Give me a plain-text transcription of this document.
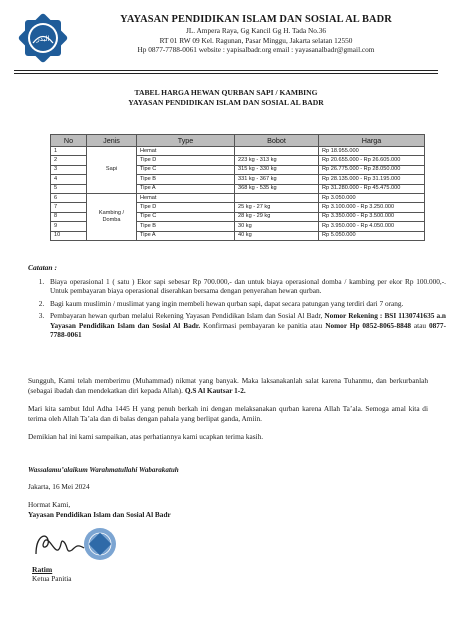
البدر
YAYASAN PENDIDIKAN ISLAM DAN SOSIAL AL BADR
JL. Ampera Raya, Gg Kancil Gg H. Tada No.36
RT 01 RW 09 Kel. Ragunan, Pasar Minggu, Jakarta selatan 12550
Hp 0877-7788-0061 website : yapisalbadr.org email : yayasanalbadr@gmail.com
TABEL HARGA HEWAN QURBAN SAPI / KAMBING
YAYASAN PENDIDIKAN ISLAM DAN SOSIAL AL BADR
No	Jenis	Type	Bobot	Harga
1	Sapi	Hemat		Rp 18.955.000
2		Tipe D	223 kg - 313 kg	Rp 20.655.000 - Rp 26.605.000
3		Tipe C	315 kg - 330 kg	Rp 26.775.000 - Rp 28.050.000
4		Tipe B	331 kg - 367 kg	Rp 28.135.000 - Rp 31.195.000
5		Tipe A	368 kg - 535 kg	Rp 31.280.000 - Rp 45.475.000
6	Kambing / Domba	Hemat		Rp 3.050.000
7		Tipe D	25 kg - 27 kg	Rp 3.100.000 - Rp 3.250.000
8		Tipe C	28 kg - 29 kg	Rp 3.350.000 - Rp 3.500.000
9		Tipe B	30 kg	Rp 3.950.000 - Rp 4.050.000
10		Tipe A	40 kg	Rp 5.050.000
Catatan :
1. Biaya operasional 1 ( satu ) Ekor sapi sebesar Rp 700.000,- dan untuk biaya operasional domba / kambing per ekor Rp 100.000,-. Untuk pembayaran biaya operasional diserahkan bersama dengan penyerahan hewan qurban.
2. Bagi kaum muslimin / muslimat yang ingin membeli hewan qurban sapi, dapat secara patungan yang terdiri dari 7 orang.
3. Pembayaran hewan qurban melalui Rekening Yayasan Pendidikan Islam dan Sosial Al Badr, Nomor Rekening : BSI 1130741635 a.n Yayasan Pendidikan Islam dan Sosial Al Badr. Konfirmasi pembayaran ke panitia atau Nomor Hp 0852-8065-8848 atau 0877-7788-0061
Sungguh, Kami telah memberimu (Muhammad) nikmat yang banyak. Maka laksanakanlah salat karena Tuhanmu, dan berkurbanlah (sebagai ibadah dan mendekatkan diri kepada Allah). Q.S Al Kautsar 1-2.
Mari kita sambut Idul Adha 1445 H yang penuh berkah ini dengan melaksanakan qurban karena Allah Ta’ala. Semoga amal kita di terima oleh Allah Ta’ala dan di balas dengan pahala yang berlipat ganda, Amiin.
Demikian hal ini kami sampaikan, atas perhatiannya kami ucapkan terima kasih.
Wassalamu’alaikum Warahmatullahi Wabarakatuh
Jakarta, 16 Mei 2024
Hormat Kami,
Yayasan Pendidikan Islam dan Sosial Al Badr
Ratim
Ketua Panitia
